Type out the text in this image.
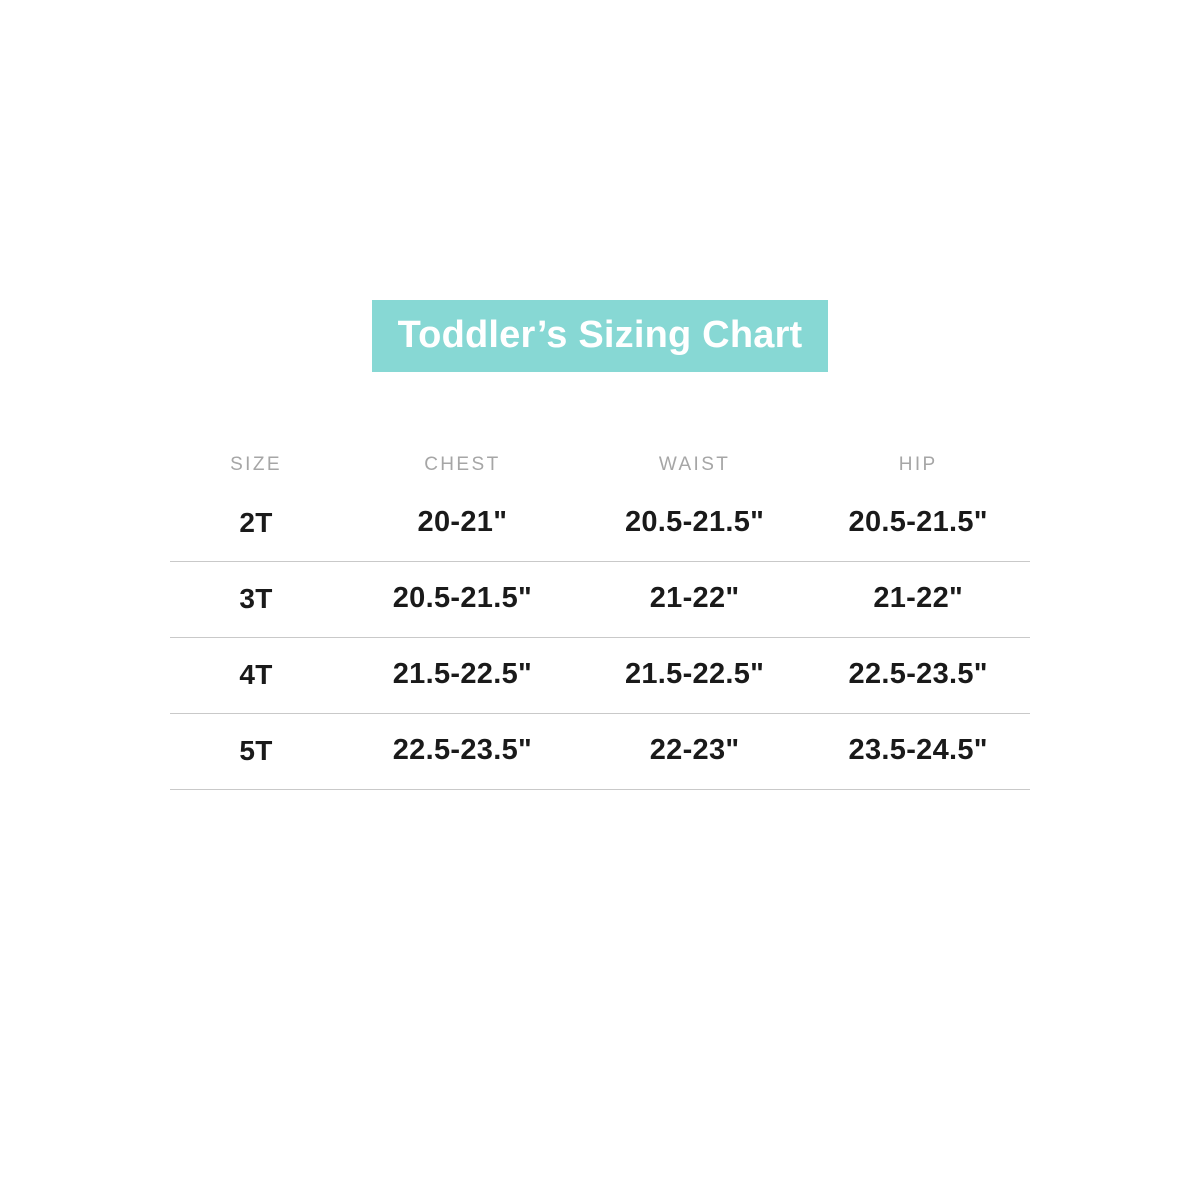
Toddler’s Sizing Chart
SIZE	CHEST	WAIST	HIP
2T	20-21"	20.5-21.5"	20.5-21.5"
3T	20.5-21.5"	21-22"	21-22"
4T	21.5-22.5"	21.5-22.5"	22.5-23.5"
5T	22.5-23.5"	22-23"	23.5-24.5"
